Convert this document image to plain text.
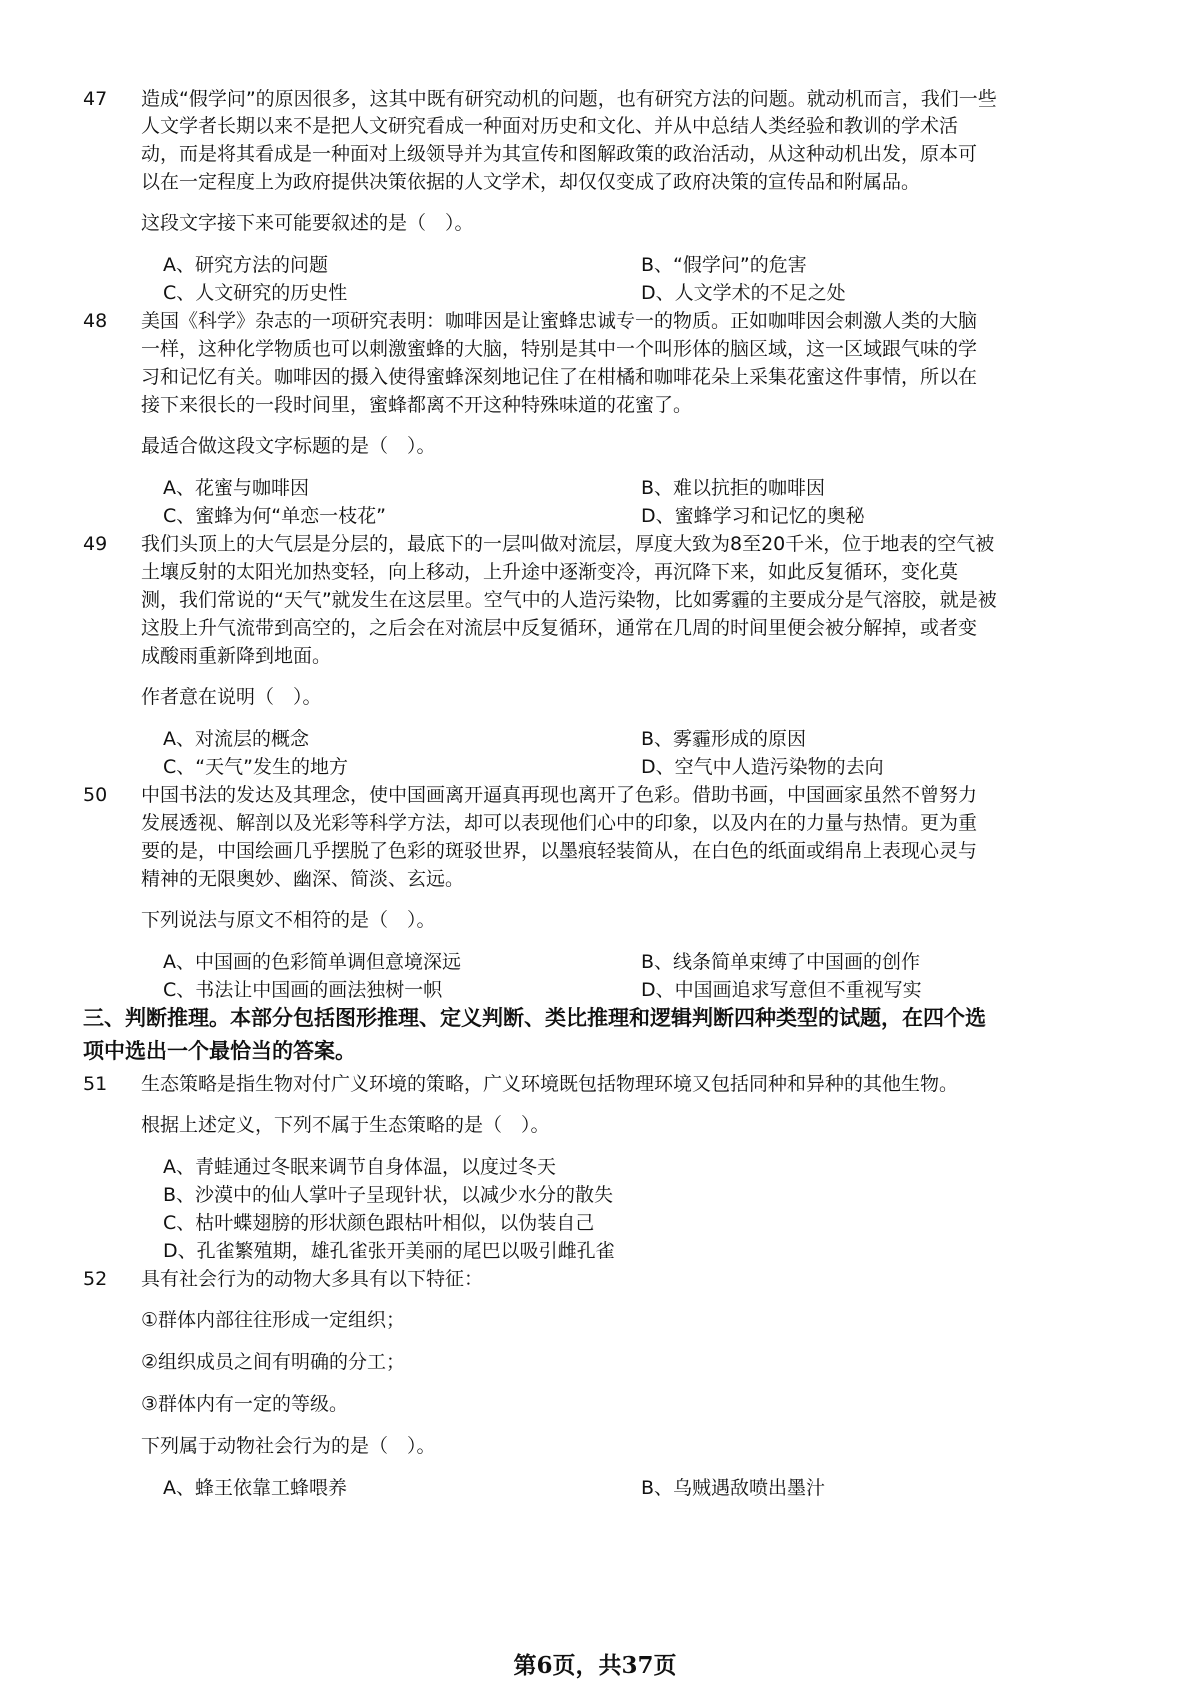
47 造成“假学问”的原因很多，这其中既有研究动机的问题，也有研究方法的问题。就动机而言，我们一些
人文学者长期以来不是把人文研究看成一种面对历史和文化、并从中总结人类经验和教训的学术活
动，而是将其看成是一种面对上级领导并为其宣传和图解政策的政治活动，从这种动机出发，原本可
以在一定程度上为政府提供决策依据的人文学术，却仅仅变成了政府决策的宣传品和附属品。
这段文字接下来可能要叙述的是（　）。
A、研究方法的问题	B、“假学问”的危害
C、人文研究的历史性	D、人文学术的不足之处
48 美国《科学》杂志的一项研究表明：咖啡因是让蜜蜂忠诚专一的物质。正如咖啡因会刺激人类的大脑
一样，这种化学物质也可以刺激蜜蜂的大脑，特别是其中一个叫形体的脑区域，这一区域跟气味的学
习和记忆有关。咖啡因的摄入使得蜜蜂深刻地记住了在柑橘和咖啡花朵上采集花蜜这件事情，所以在
接下来很长的一段时间里，蜜蜂都离不开这种特殊味道的花蜜了。
最适合做这段文字标题的是（　）。
A、花蜜与咖啡因	B、难以抗拒的咖啡因
C、蜜蜂为何“单恋一枝花”	D、蜜蜂学习和记忆的奥秘
49 我们头顶上的大气层是分层的，最底下的一层叫做对流层，厚度大致为8至20千米，位于地表的空气被
土壤反射的太阳光加热变轻，向上移动，上升途中逐渐变冷，再沉降下来，如此反复循环，变化莫
测，我们常说的“天气”就发生在这层里。空气中的人造污染物，比如雾霾的主要成分是气溶胶，就是被
这股上升气流带到高空的，之后会在对流层中反复循环，通常在几周的时间里便会被分解掉，或者变
成酸雨重新降到地面。
作者意在说明（　）。
A、对流层的概念	B、雾霾形成的原因
C、“天气”发生的地方	D、空气中人造污染物的去向
50 中国书法的发达及其理念，使中国画离开逼真再现也离开了色彩。借助书画，中国画家虽然不曾努力
发展透视、解剖以及光彩等科学方法，却可以表现他们心中的印象，以及内在的力量与热情。更为重
要的是，中国绘画几乎摆脱了色彩的斑驳世界，以墨痕轻装简从，在白色的纸面或绢帛上表现心灵与
精神的无限奥妙、幽深、简淡、玄远。
下列说法与原文不相符的是（　）。
A、中国画的色彩简单调但意境深远	B、线条简单束缚了中国画的创作
C、书法让中国画的画法独树一帜	D、中国画追求写意但不重视写实
三、判断推理。本部分包括图形推理、定义判断、类比推理和逻辑判断四种类型的试题，在四个选
项中选出一个最恰当的答案。
51 生态策略是指生物对付广义环境的策略，广义环境既包括物理环境又包括同种和异种的其他生物。
根据上述定义，下列不属于生态策略的是（　）。
A、青蛙通过冬眠来调节自身体温，以度过冬天
B、沙漠中的仙人掌叶子呈现针状，以减少水分的散失
C、枯叶蝶翅膀的形状颜色跟枯叶相似，以伪装自己
D、孔雀繁殖期，雄孔雀张开美丽的尾巴以吸引雌孔雀
52 具有社会行为的动物大多具有以下特征：
①群体内部往往形成一定组织；
②组织成员之间有明确的分工；
③群体内有一定的等级。
下列属于动物社会行为的是（　）。
A、蜂王依靠工蜂喂养	B、乌贼遇敌喷出墨汁
第6页，共37页
